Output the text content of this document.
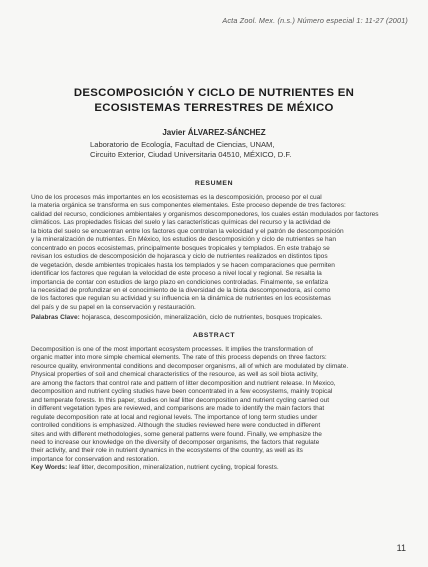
Acta Zool. Mex. (n.s.) Número especial 1: 11-27 (2001)
DESCOMPOSICIÓN Y CICLO DE NUTRIENTES EN
ECOSISTEMAS TERRESTRES DE MÉXICO
Javier ÁLVAREZ-SÁNCHEZ
Laboratorio de Ecología, Facultad de Ciencias, UNAM,
Circuito Exterior, Ciudad Universitaria 04510, MÉXICO, D.F.
RESUMEN
Uno de los procesos más importantes en los ecosistemas es la descomposición, proceso por el cual
la materia orgánica se transforma en sus componentes elementales. Este proceso depende de tres factores:
calidad del recurso, condiciones ambientales y organismos descomponedores, los cuales están modulados por factores
climáticos. Las propiedades físicas del suelo y las características químicas del recurso y la actividad de
la biota del suelo se encuentran entre los factores que controlan la velocidad y el patrón de descomposición
y la mineralización de nutrientes. En México, los estudios de descomposición y ciclo de nutrientes se han
concentrado en pocos ecosistemas, principalmente bosques tropicales y templados. En este trabajo se
revisan los estudios de descomposición de hojarasca y ciclo de nutrientes realizados en distintos tipos
de vegetación, desde ambientes tropicales hasta los templados y se hacen comparaciones que permiten
identificar los factores que regulan la velocidad de este proceso a nivel local y regional. Se resalta la
importancia de contar con estudios de largo plazo en condiciones controladas. Finalmente, se enfatiza
la necesidad de profundizar en el conocimiento de la diversidad de la biota descomponedora, así como
de los factores que regulan su actividad y su influencia en la dinámica de nutrientes en los ecosistemas
del país y de su papel en la conservación y restauración.
Palabras Clave: hojarasca, descomposición, mineralización, ciclo de nutrientes, bosques tropicales.
ABSTRACT
Decomposition is one of the most important ecosystem processes. It implies the transformation of
organic matter into more simple chemical elements. The rate of this process depends on three factors:
resource quality, environmental conditions and decomposer organisms, all of which are modulated by climate.
Physical properties of soil and chemical characteristics of the resource, as well as soil biota activity,
are among the factors that control rate and pattern of litter decomposition and nutrient release. In Mexico,
decomposition and nutrient cycling studies have been concentrated in a few ecosystems, mainly tropical
and temperate forests. In this paper, studies on leaf litter decomposition and nutrient cycling carried out
in different vegetation types are reviewed, and comparisons are made to identify the main factors that
regulate decomposition rate at local and regional levels. The importance of long term studies under
controlled conditions is emphasized. Although the studies reviewed here were conducted in different
sites and with different methodologies, some general patterns were found. Finally, we emphasize the
need to increase our knowledge on the diversity of decomposer organisms, the factors that regulate
their activity, and their role in nutrient dynamics in the ecosystems of the country, as well as its
importance for conservation and restoration.
Key Words: leaf litter, decomposition, mineralization, nutrient cycling, tropical forests.
11
